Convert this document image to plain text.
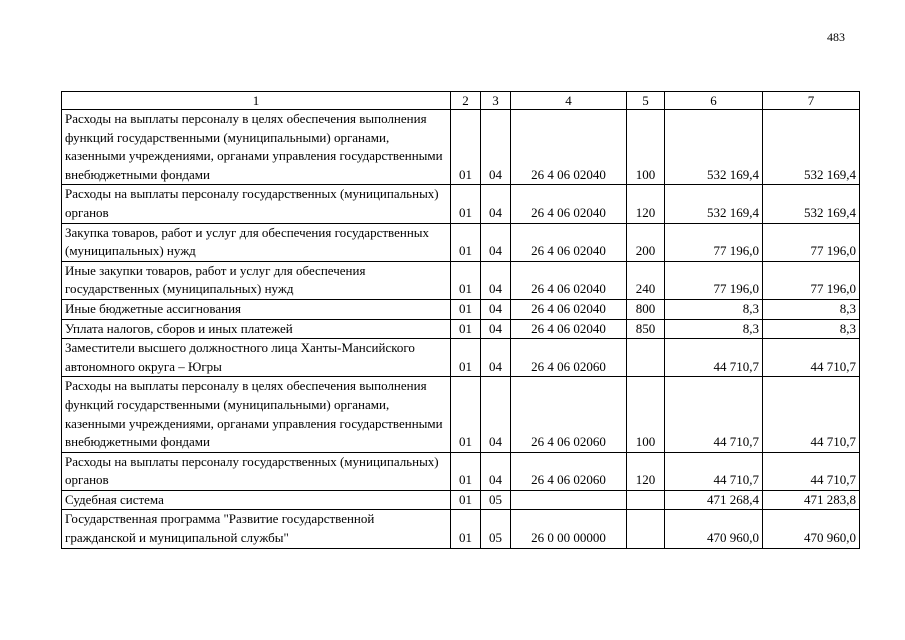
483
1	2	3	4	5	6	7
Расходы на выплаты персоналу в целях обеспечения выполнения функций государственными (муниципальными) органами, казенными учреждениями, органами управления государственными внебюджетными фондами	01	04	26 4 06 02040	100	532 169,4	532 169,4
Расходы на выплаты персоналу государственных (муниципальных) органов	01	04	26 4 06 02040	120	532 169,4	532 169,4
Закупка товаров, работ и услуг для обеспечения государственных (муниципальных) нужд	01	04	26 4 06 02040	200	77 196,0	77 196,0
Иные закупки товаров, работ и услуг для обеспечения государственных (муниципальных) нужд	01	04	26 4 06 02040	240	77 196,0	77 196,0
Иные бюджетные ассигнования	01	04	26 4 06 02040	800	8,3	8,3
Уплата налогов, сборов и иных платежей	01	04	26 4 06 02040	850	8,3	8,3
Заместители высшего должностного лица Ханты-Мансийского автономного округа – Югры	01	04	26 4 06 02060		44 710,7	44 710,7
Расходы на выплаты персоналу в целях обеспечения выполнения функций государственными (муниципальными) органами, казенными учреждениями, органами управления государственными внебюджетными фондами	01	04	26 4 06 02060	100	44 710,7	44 710,7
Расходы на выплаты персоналу государственных (муниципальных) органов	01	04	26 4 06 02060	120	44 710,7	44 710,7
Судебная система	01	05			471 268,4	471 283,8
Государственная программа "Развитие государственной гражданской и муниципальной службы"	01	05	26 0 00 00000		470 960,0	470 960,0
